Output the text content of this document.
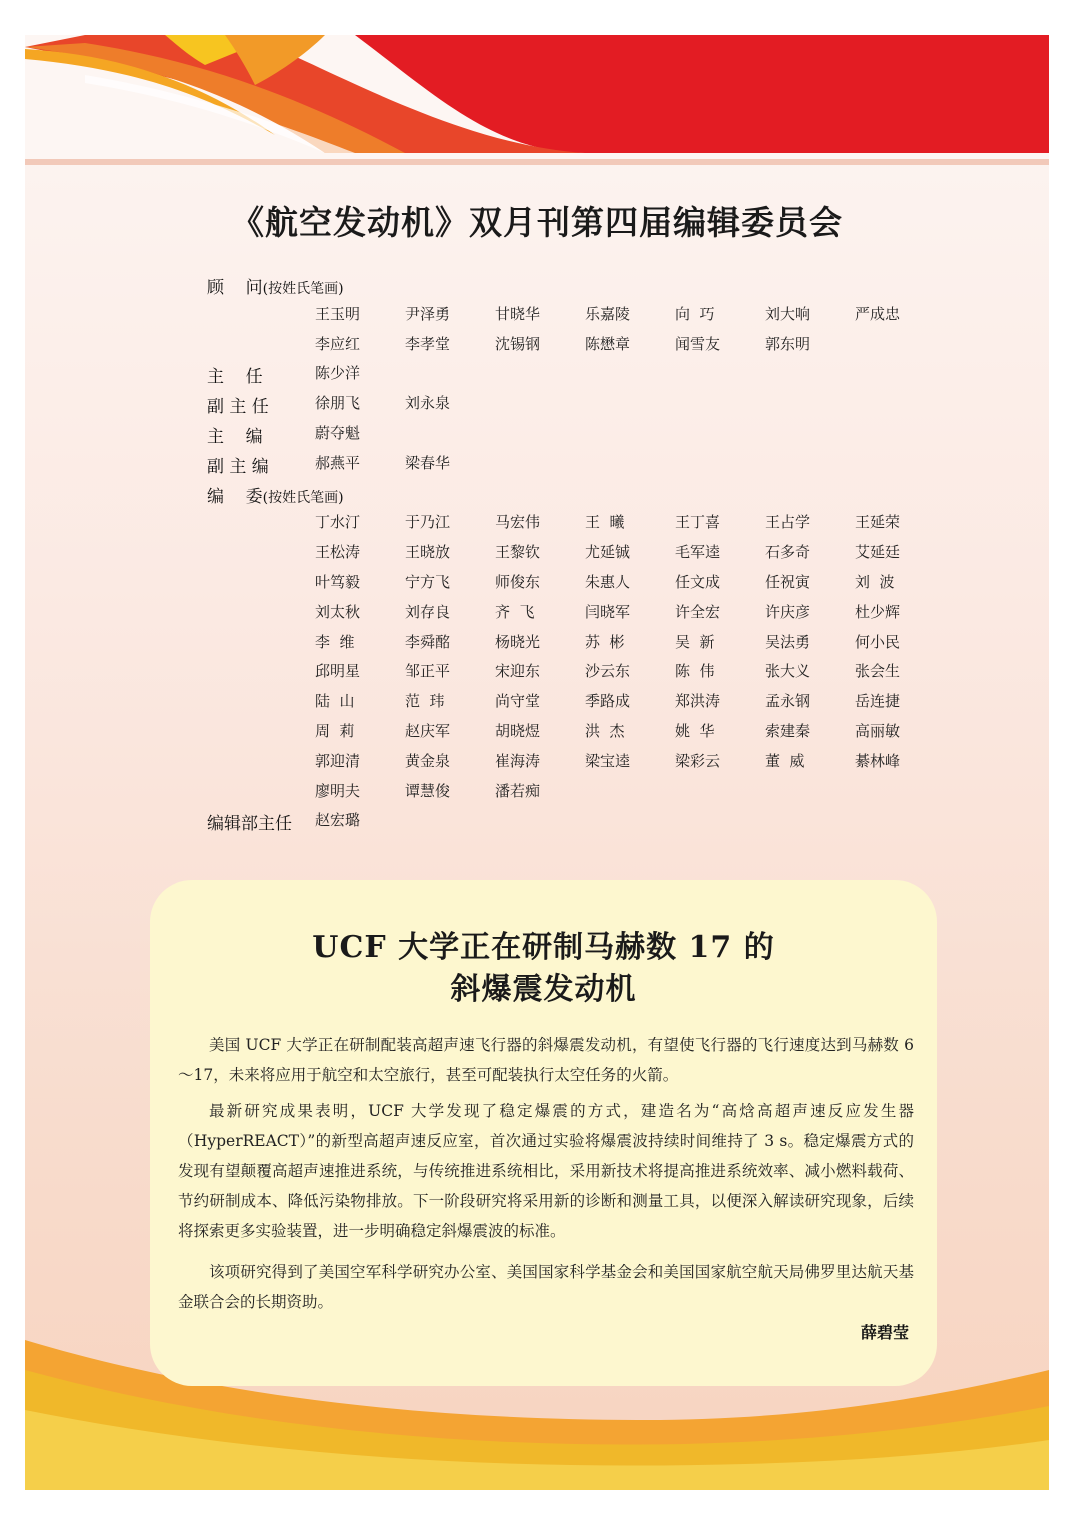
《航空发动机》双月刊第四届编辑委员会
顾    问(按姓氏笔画)
王玉明	尹泽勇	甘晓华	乐嘉陵	向  巧	刘大响	严成忠
李应红	李孝堂	沈锡钢	陈懋章	闻雪友	郭东明
主    任	陈少洋
副 主 任	徐朋飞	刘永泉
主    编	蔚夺魁
副 主 编	郝燕平	梁春华
编    委(按姓氏笔画)
丁水汀	于乃江	马宏伟	王  曦	王丁喜	王占学	王延荣
王松涛	王晓放	王黎钦	尤延铖	毛军逵	石多奇	艾延廷
叶笃毅	宁方飞	师俊东	朱惠人	任文成	任祝寅	刘  波
刘太秋	刘存良	齐  飞	闫晓军	许全宏	许庆彦	杜少辉
李  维	李舜酩	杨晓光	苏  彬	吴  新	吴法勇	何小民
邱明星	邹正平	宋迎东	沙云东	陈  伟	张大义	张会生
陆  山	范  玮	尚守堂	季路成	郑洪涛	孟永钢	岳连捷
周  莉	赵庆军	胡晓煜	洪  杰	姚  华	索建秦	高丽敏
郭迎清	黄金泉	崔海涛	梁宝逵	梁彩云	董  威	綦林峰
廖明夫	谭慧俊	潘若痴
编辑部主任 赵宏璐
UCF 大学正在研制马赫数 17 的
斜爆震发动机
美国 UCF 大学正在研制配装高超声速飞行器的斜爆震发动机，有望使飞行器的飞行速度达到马赫数 6～17，未来将应用于航空和太空旅行，甚至可配装执行太空任务的火箭。
最新研究成果表明，UCF 大学发现了稳定爆震的方式，建造名为“高焓高超声速反应发生器（HyperREACT）”的新型高超声速反应室，首次通过实验将爆震波持续时间维持了 3 s。稳定爆震方式的发现有望颠覆高超声速推进系统，与传统推进系统相比，采用新技术将提高推进系统效率、减小燃料载荷、节约研制成本、降低污染物排放。下一阶段研究将采用新的诊断和测量工具，以便深入解读研究现象，后续将探索更多实验装置，进一步明确稳定斜爆震波的标准。
该项研究得到了美国空军科学研究办公室、美国国家科学基金会和美国国家航空航天局佛罗里达航天基金联合会的长期资助。
薛碧莹
